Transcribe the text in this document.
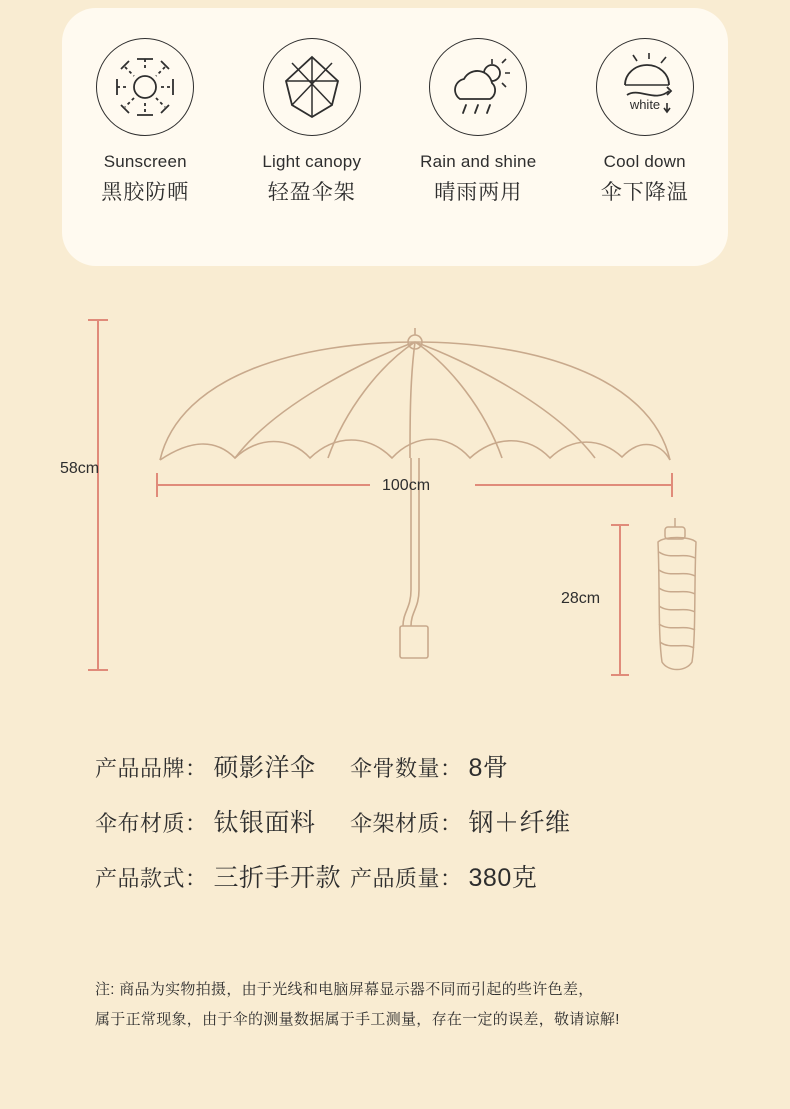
Sunscreen
黑胶防晒
Light canopy
轻盈伞架
Rain and shine
晴雨两用
white
Cool down
伞下降温
58cm
100cm
28cm
产品品牌： 硕影洋伞 伞骨数量： 8骨
伞布材质： 钛银面料 伞架材质： 钢＋纤维
产品款式： 三折手开款 产品质量： 380克
注: 商品为实物拍摄，由于光线和电脑屏幕显示器不同而引起的些许色差，
属于正常现象，由于伞的测量数据属于手工测量，存在一定的误差，敬请谅解!
